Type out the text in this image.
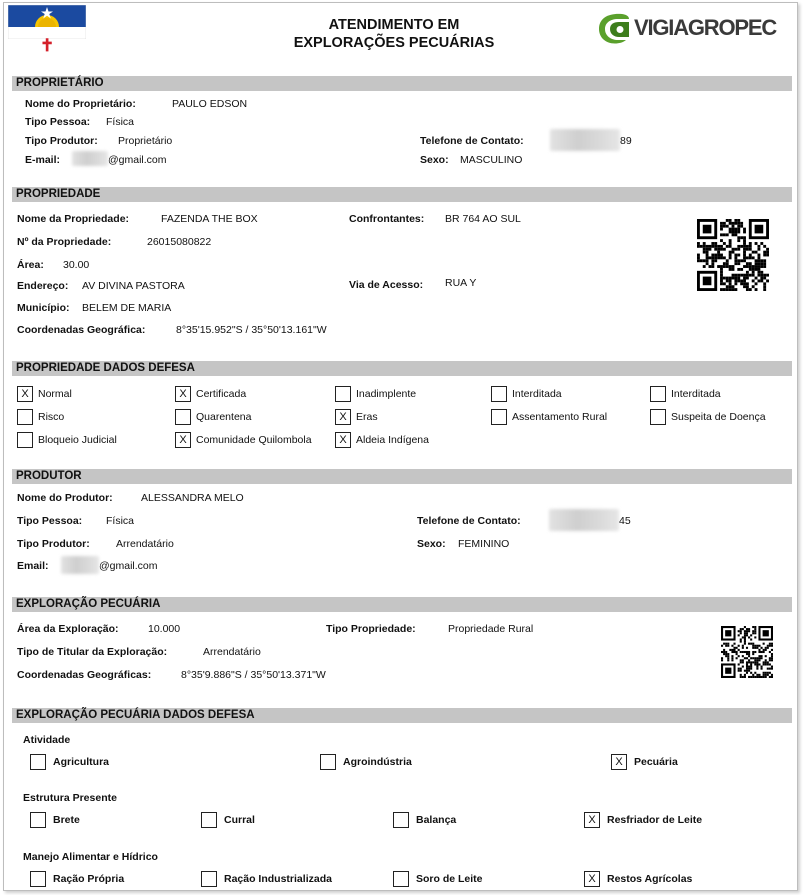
✝
ATENDIMENTO EM
EXPLORAÇÕES PECUÁRIAS
VIGIAGROPEC
PROPRIETÁRIO
Nome do Proprietário:	PAULO EDSON
Tipo Pessoa: Física
Tipo Produtor: Proprietário	Telefone de Contato:	89
E-mail:	@gmail.com	Sexo: MASCULINO
PROPRIEDADE
Nome da Propriedade:	FAZENDA THE BOX	Confrontantes: BR 764 AO SUL
Nº da Propriedade:	26015080822
Área: 30.00
Endereço: AV DIVINA PASTORA	Via de Acesso: RUA Y
Município: BELEM DE MARIA
Coordenadas Geográfica:	8°35'15.952"S / 35°50'13.161"W
PROPRIEDADE DADOS DEFESA
X Normal	X Certificada	Inadimplente	Interditada	Interditada
Risco	Quarentena	X Eras	Assentamento Rural	Suspeita de Doença
Bloqueio Judicial	X Comunidade Quilombola	X Aldeia Indígena
PRODUTOR
Nome do Produtor:	ALESSANDRA MELO
Tipo Pessoa: Física	Telefone de Contato:	45
Tipo Produtor:	Arrendatário	Sexo: FEMININO
Email:	@gmail.com
EXPLORAÇÃO PECUÁRIA
Área da Exploração:	10.000	Tipo Propriedade:	Propriedade Rural
Tipo de Titular da Exploração:	Arrendatário
Coordenadas Geográficas:	8°35'9.886"S / 35°50'13.371"W
EXPLORAÇÃO PECUÁRIA DADOS DEFESA
Atividade
Estrutura Presente
Manejo Alimentar e Hídrico
Agricultura	Agroindústria	X	Pecuária
Brete	Curral	Balança	X	Resfriador de Leite
Ração Própria	Ração Industrializada	Soro de Leite	X	Restos Agrícolas
